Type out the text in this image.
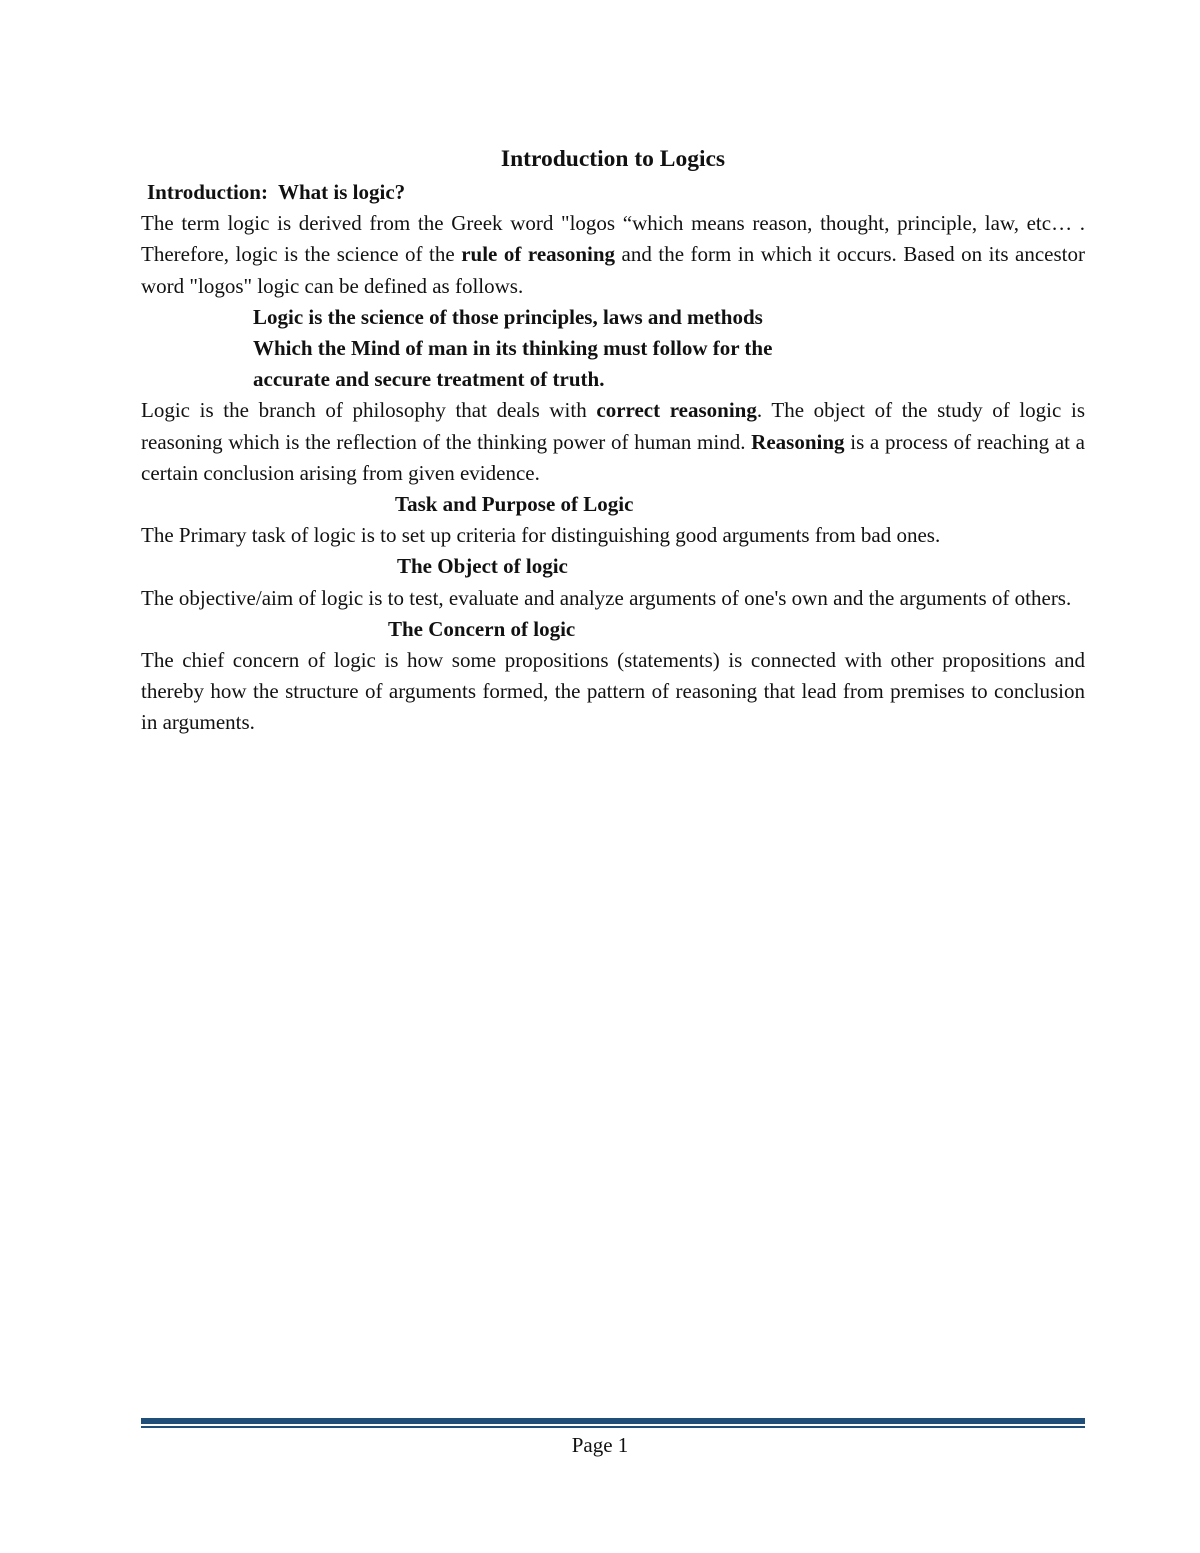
Introduction to Logics

Introduction: What is logic?

The term logic is derived from the Greek word "logos “which means reason, thought, principle, law, etc… . Therefore, logic is the science of the rule of reasoning and the form in which it occurs. Based on its ancestor word "logos" logic can be defined as follows.

Logic is the science of those principles, laws and methods

Which the Mind of man in its thinking must follow for the

accurate and secure treatment of truth.

Logic is the branch of philosophy that deals with correct reasoning. The object of the study of logic is reasoning which is the reflection of the thinking power of human mind. Reasoning is a process of reaching at a certain conclusion arising from given evidence.

Task and Purpose of Logic

The Primary task of logic is to set up criteria for distinguishing good arguments from bad ones.

The Object of logic

The objective/aim of logic is to test, evaluate and analyze arguments of one's own and the arguments of others.

The Concern of logic

The chief concern of logic is how some propositions (statements) is connected with other propositions and thereby how the structure of arguments formed, the pattern of reasoning that lead from premises to conclusion in arguments.

Page 1
